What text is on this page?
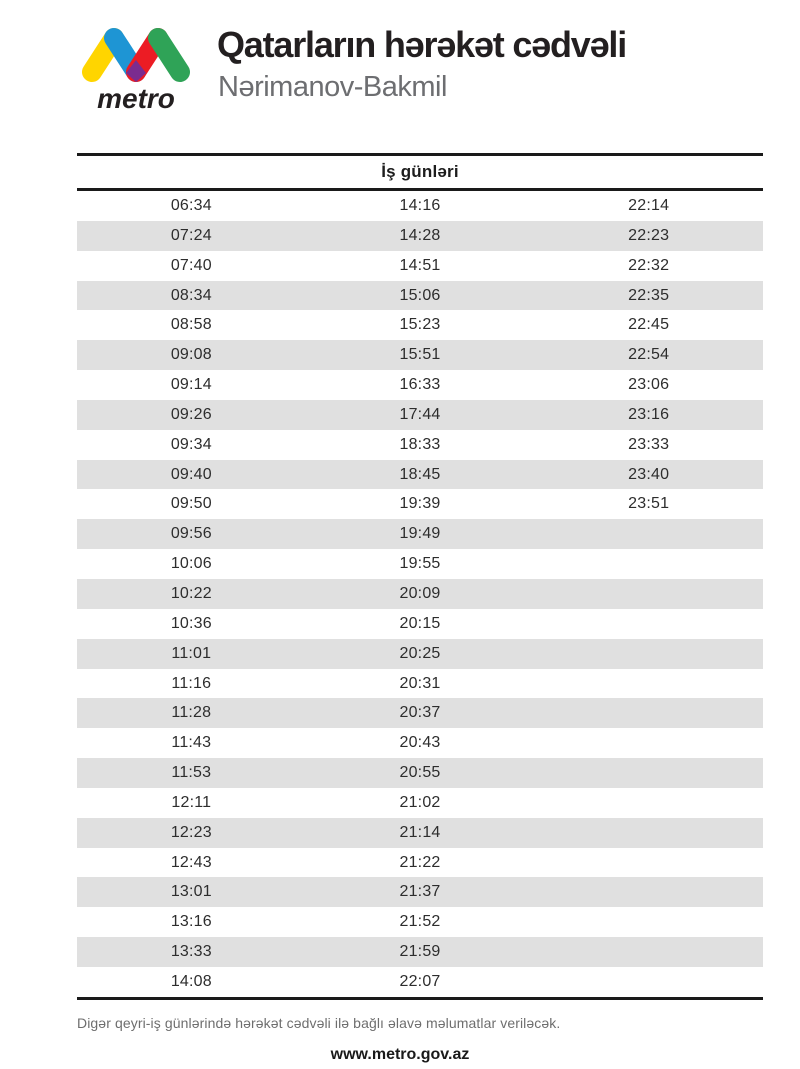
metro
Qatarların hərəkət cədvəli
Nərimanov-Bakmil
İş günləri
06:34	14:16	22:14
07:24	14:28	22:23
07:40	14:51	22:32
08:34	15:06	22:35
08:58	15:23	22:45
09:08	15:51	22:54
09:14	16:33	23:06
09:26	17:44	23:16
09:34	18:33	23:33
09:40	18:45	23:40
09:50	19:39	23:51
09:56	19:49
10:06	19:55
10:22	20:09
10:36	20:15
11:01	20:25
11:16	20:31
11:28	20:37
11:43	20:43
11:53	20:55
12:11	21:02
12:23	21:14
12:43	21:22
13:01	21:37
13:16	21:52
13:33	21:59
14:08	22:07
Digər qeyri-iş günlərində hərəkət cədvəli ilə bağlı əlavə məlumatlar veriləcək.
www.metro.gov.az
